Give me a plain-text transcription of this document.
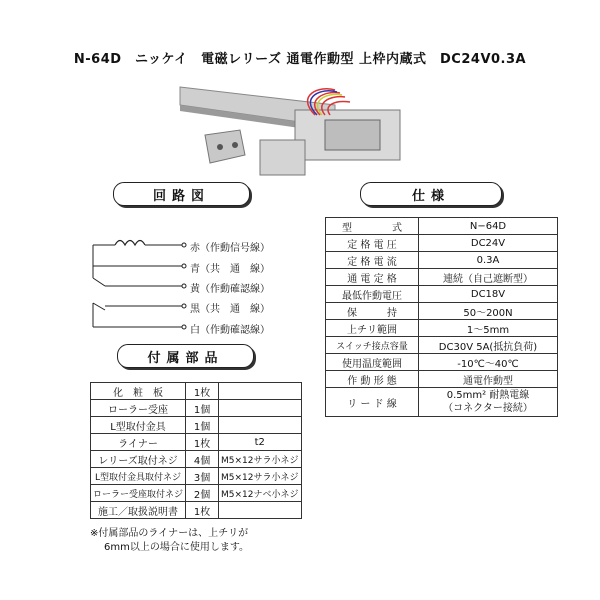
N-64D　ニッケイ　電磁レリーズ 通電作動型 上枠内蔵式　DC24V0.3A
回路図	仕様
付属部品
赤（作動信号線）
青（共　通　線）
黄（作動確認線）
黒（共　通　線）
白（作動確認線）
型　　　　式	N−64D
定 格 電 圧	DC24V
定 格 電 流	0.3A
通 電 定 格	連続（自己遮断型）
最低作動電圧	DC18V
保　　　持	50〜200N
上チリ範囲	1〜5mm
スイッチ接点容量	DC30V 5A(抵抗負荷)
使用温度範囲	-10℃〜40℃
作 動 形 態	通電作動型
リ ー ド 線	0.5mm² 耐熱電線
（コネクター接続）
化　粧　板	1枚	
ローラー受座	1個	
L型取付金具	1個	
ライナー	1枚	t2
レリーズ取付ネジ	4個	M5×12サラ小ネジ
L型取付金具取付ネジ	3個	M5×12サラ小ネジ
ローラー受座取付ネジ	2個	M5×12ナベ小ネジ
施工／取扱説明書	1枚	
※付属部品のライナーは、上チリが
6mm以上の場合に使用します。
